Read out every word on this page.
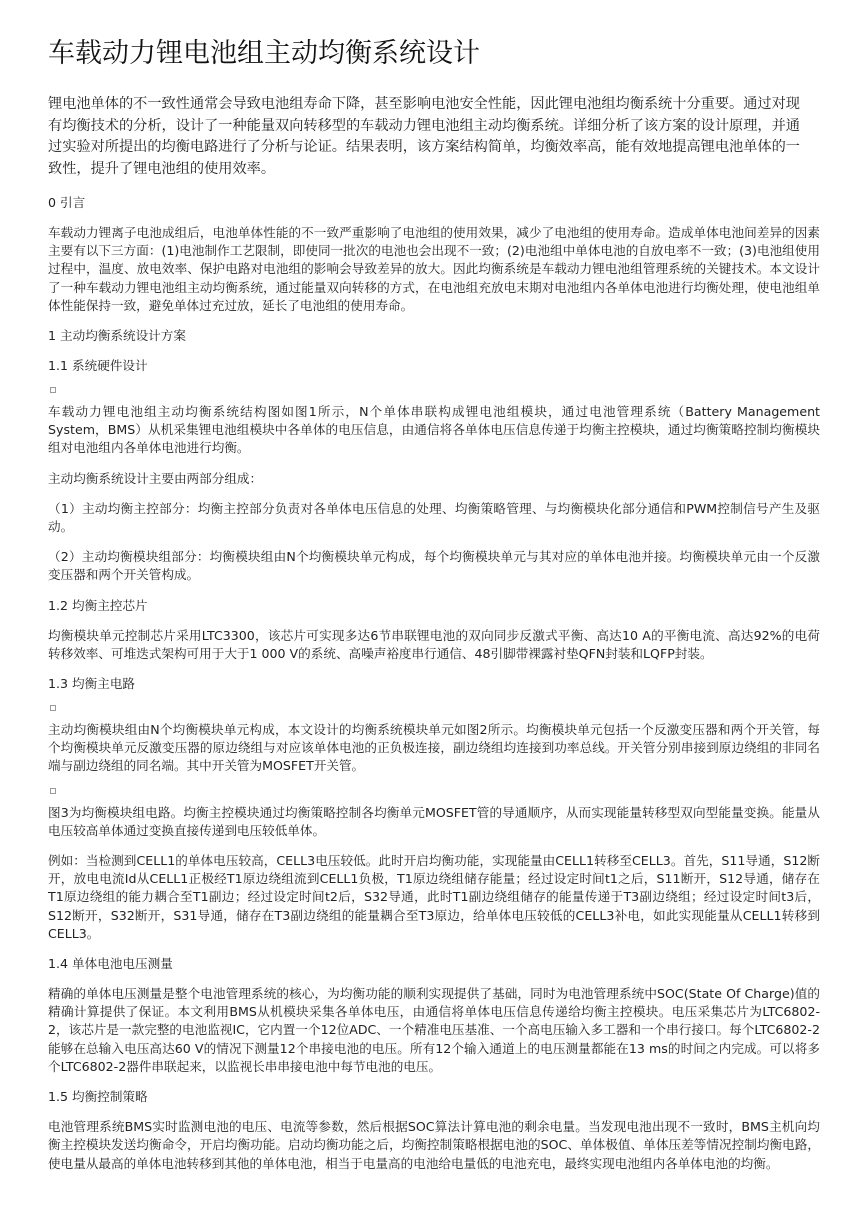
车载动力锂电池组主动均衡系统设计

锂电池单体的不一致性通常会导致电池组寿命下降，甚至影响电池安全性能，因此锂电池组均衡系统十分重要。通过对现有均衡技术的分析，设计了一种能量双向转移型的车载动力锂电池组主动均衡系统。详细分析了该方案的设计原理，并通过实验对所提出的均衡电路进行了分析与论证。结果表明，该方案结构简单，均衡效率高，能有效地提高锂电池单体的一致性，提升了锂电池组的使用效率。

0 引言

车载动力锂离子电池成组后，电池单体性能的不一致严重影响了电池组的使用效果，减少了电池组的使用寿命。造成单体电池间差异的因素主要有以下三方面：(1)电池制作工艺限制，即使同一批次的电池也会出现不一致；(2)电池组中单体电池的自放电率不一致；(3)电池组使用过程中，温度、放电效率、保护电路对电池组的影响会导致差异的放大。因此均衡系统是车载动力锂电池组管理系统的关键技术。本文设计了一种车载动力锂电池组主动均衡系统，通过能量双向转移的方式，在电池组充放电末期对电池组内各单体电池进行均衡处理，使电池组单体性能保持一致，避免单体过充过放，延长了电池组的使用寿命。

1 主动均衡系统设计方案
1.1 系统硬件设计

车载动力锂电池组主动均衡系统结构图如图1所示，N个单体串联构成锂电池组模块，通过电池管理系统（Battery Management System，BMS）从机采集锂电池组模块中各单体的电压信息，由通信将各单体电压信息传递于均衡主控模块，通过均衡策略控制均衡模块组对电池组内各单体电池进行均衡。

主动均衡系统设计主要由两部分组成：

（1）主动均衡主控部分：均衡主控部分负责对各单体电压信息的处理、均衡策略管理、与均衡模块化部分通信和PWM控制信号产生及驱动。

（2）主动均衡模块组部分：均衡模块组由N个均衡模块单元构成，每个均衡模块单元与其对应的单体电池并接。均衡模块单元由一个反激变压器和两个开关管构成。

1.2 均衡主控芯片

均衡模块单元控制芯片采用LTC3300，该芯片可实现多达6节串联锂电池的双向同步反激式平衡、高达10 A的平衡电流、高达92%的电荷转移效率、可堆迭式架构可用于大于1 000 V的系统、高噪声裕度串行通信、48引脚带裸露衬垫QFN封装和LQFP封装。

1.3 均衡主电路

主动均衡模块组由N个均衡模块单元构成，本文设计的均衡系统模块单元如图2所示。均衡模块单元包括一个反激变压器和两个开关管，每个均衡模块单元反激变压器的原边绕组与对应该单体电池的正负极连接，副边绕组均连接到功率总线。开关管分别串接到原边绕组的非同名端与副边绕组的同名端。其中开关管为MOSFET开关管。

图3为均衡模块组电路。均衡主控模块通过均衡策略控制各均衡单元MOSFET管的导通顺序，从而实现能量转移型双向型能量变换。能量从电压较高单体通过变换直接传递到电压较低单体。

例如：当检测到CELL1的单体电压较高，CELL3电压较低。此时开启均衡功能，实现能量由CELL1转移至CELL3。首先，S11导通，S12断开，放电电流Id从CELL1正极经T1原边绕组流到CELL1负极，T1原边绕组储存能量；经过设定时间t1之后，S11断开，S12导通，储存在T1原边绕组的能力耦合至T1副边；经过设定时间t2后，S32导通，此时T1副边绕组储存的能量传递于T3副边绕组；经过设定时间t3后，S12断开，S32断开，S31导通，储存在T3副边绕组的能量耦合至T3原边，给单体电压较低的CELL3补电，如此实现能量从CELL1转移到CELL3。

1.4 单体电池电压测量

精确的单体电压测量是整个电池管理系统的核心，为均衡功能的顺利实现提供了基础，同时为电池管理系统中SOC(State Of Charge)值的精确计算提供了保证。本文利用BMS从机模块采集各单体电压，由通信将单体电压信息传递给均衡主控模块。电压采集芯片为LTC6802-2，该芯片是一款完整的电池监视IC，它内置一个12位ADC、一个精准电压基准、一个高电压输入多工器和一个串行接口。每个LTC6802-2能够在总输入电压高达60 V的情况下测量12个串接电池的电压。所有12个输入通道上的电压测量都能在13 ms的时间之内完成。可以将多个LTC6802-2器件串联起来，以监视长串串接电池中每节电池的电压。

1.5 均衡控制策略

电池管理系统BMS实时监测电池的电压、电流等参数，然后根据SOC算法计算电池的剩余电量。当发现电池出现不一致时，BMS主机向均衡主控模块发送均衡命令，开启均衡功能。启动均衡功能之后，均衡控制策略根据电池的SOC、单体极值、单体压差等情况控制均衡电路，使电量从最高的单体电池转移到其他的单体电池，相当于电量高的电池给电量低的电池充电，最终实现电池组内各单体电池的均衡。
